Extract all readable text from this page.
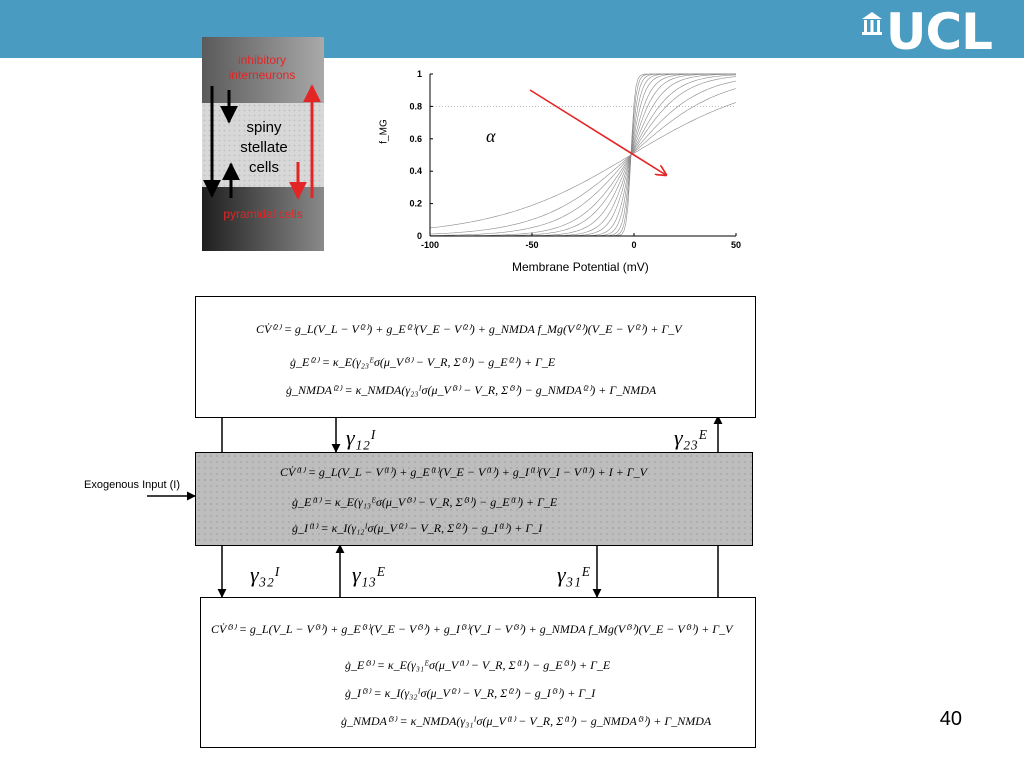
UCL
inhibitory interneurons
spiny stellate cells
pyramidal cells
-100	-50	0	50
0
0.2
0.4
0.6
0.8
1
f_MG
Membrane Potential (mV)
α
CV̇⁽²⁾ = g_L(V_L − V⁽²⁾) + g_E⁽²⁾(V_E − V⁽²⁾) + g_NMDA f_Mg(V⁽²⁾)(V_E − V⁽²⁾) + Γ_V
ġ_E⁽²⁾ = κ_E(γ₂₃ᴱσ(μ_V⁽³⁾ − V_R, Σ⁽³⁾) − g_E⁽²⁾) + Γ_E
ġ_NMDA⁽²⁾ = κ_NMDA(γ₂₃ᴵσ(μ_V⁽³⁾ − V_R, Σ⁽³⁾) − g_NMDA⁽²⁾) + Γ_NMDA
CV̇⁽¹⁾ = g_L(V_L − V⁽¹⁾) + g_E⁽¹⁾(V_E − V⁽¹⁾) + g_I⁽¹⁾(V_I − V⁽¹⁾) + I + Γ_V
ġ_E⁽¹⁾ = κ_E(γ₁₃ᴱσ(μ_V⁽³⁾ − V_R, Σ⁽³⁾) − g_E⁽¹⁾) + Γ_E
ġ_I⁽¹⁾ = κ_I(γ₁₂ᴵσ(μ_V⁽²⁾ − V_R, Σ⁽²⁾) − g_I⁽¹⁾) + Γ_I
CV̇⁽³⁾ = g_L(V_L − V⁽³⁾) + g_E⁽³⁾(V_E − V⁽³⁾) + g_I⁽³⁾(V_I − V⁽³⁾) + g_NMDA f_Mg(V⁽³⁾)(V_E − V⁽³⁾) + Γ_V
ġ_E⁽³⁾ = κ_E(γ₃₁ᴱσ(μ_V⁽¹⁾ − V_R, Σ⁽¹⁾) − g_E⁽³⁾) + Γ_E
ġ_I⁽³⁾ = κ_I(γ₃₂ᴵσ(μ_V⁽²⁾ − V_R, Σ⁽²⁾) − g_I⁽³⁾) + Γ_I
ġ_NMDA⁽³⁾ = κ_NMDA(γ₃₁ᴵσ(μ_V⁽¹⁾ − V_R, Σ⁽¹⁾) − g_NMDA⁽³⁾) + Γ_NMDA
γ₁₂ᴵ	γ₂₃ᴱ
γ₃₂ᴵ	γ₁₃ᴱ	γ₃₁ᴱ
Exogenous Input (I)
40
